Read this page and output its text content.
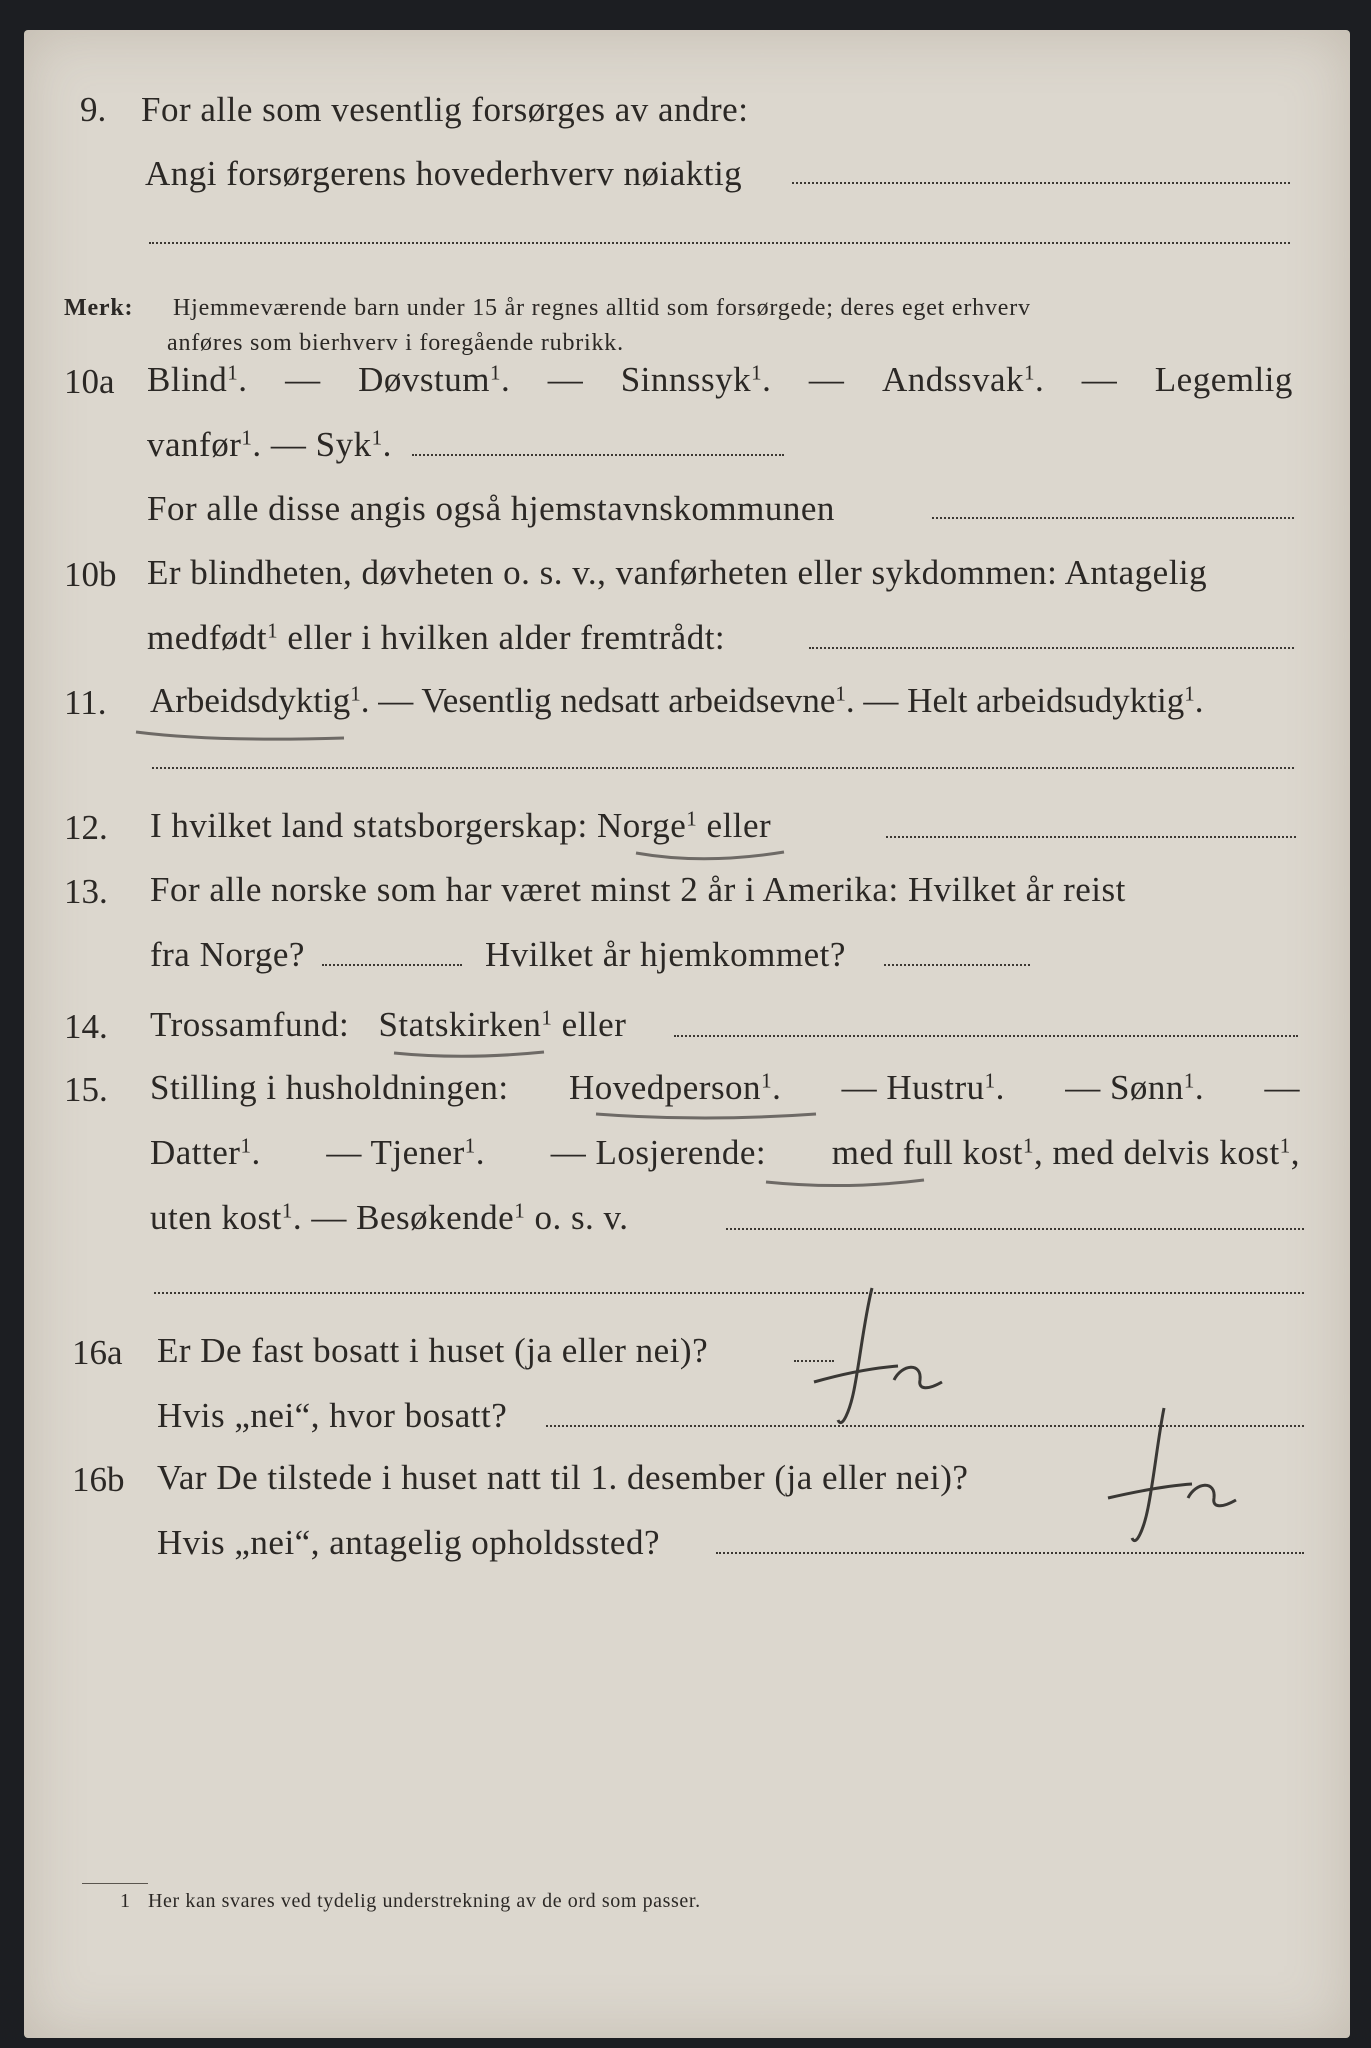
9. For alle som vesentlig forsørges av andre:
Angi forsørgerens hovederhverv nøiaktig
Merk: Hjemmeværende barn under 15 år regnes alltid som forsørgede; deres eget erhverv
anføres som bierhverv i foregående rubrikk.
10a Blind$^1$. — Døvstum$^1$. — Sinnssyk$^1$. — Andssvak$^1$. — Legemlig
vanfør$^1$. — Syk$^1$.
For alle disse angis også hjemstavnskommunen
10b Er blindheten, døvheten o. s. v., vanførheten eller sykdommen: Antagelig
medfødt$^1$ eller i hvilken alder fremtrådt:
11. Arbeidsdyktig$^1$. — Vesentlig nedsatt arbeidsevne$^1$. — Helt arbeidsudyktig$^1$.
12. I hvilket land statsborgerskap: Norge$^1$ eller
13. For alle norske som har været minst 2 år i Amerika: Hvilket år reist
fra Norge?	Hvilket år hjemkommet?
14. Trossamfund: Statskirken$^1$ eller
15. Stilling i husholdningen: Hovedperson$^1$. — Hustru$^1$. — Sønn$^1$. —
Datter$^1$. — Tjener$^1$. — Losjerende: med full kost$^1$, med delvis kost$^1$,
uten kost$^1$. — Besøkende$^1$ o. s. v.
16a Er De fast bosatt i huset (ja eller nei)?
Hvis „nei“, hvor bosatt?
16b Var De tilstede i huset natt til 1. desember (ja eller nei)?
Hvis „nei“, antagelig opholdssted?
1 Her kan svares ved tydelig understrekning av de ord som passer.
Ja
Ja
